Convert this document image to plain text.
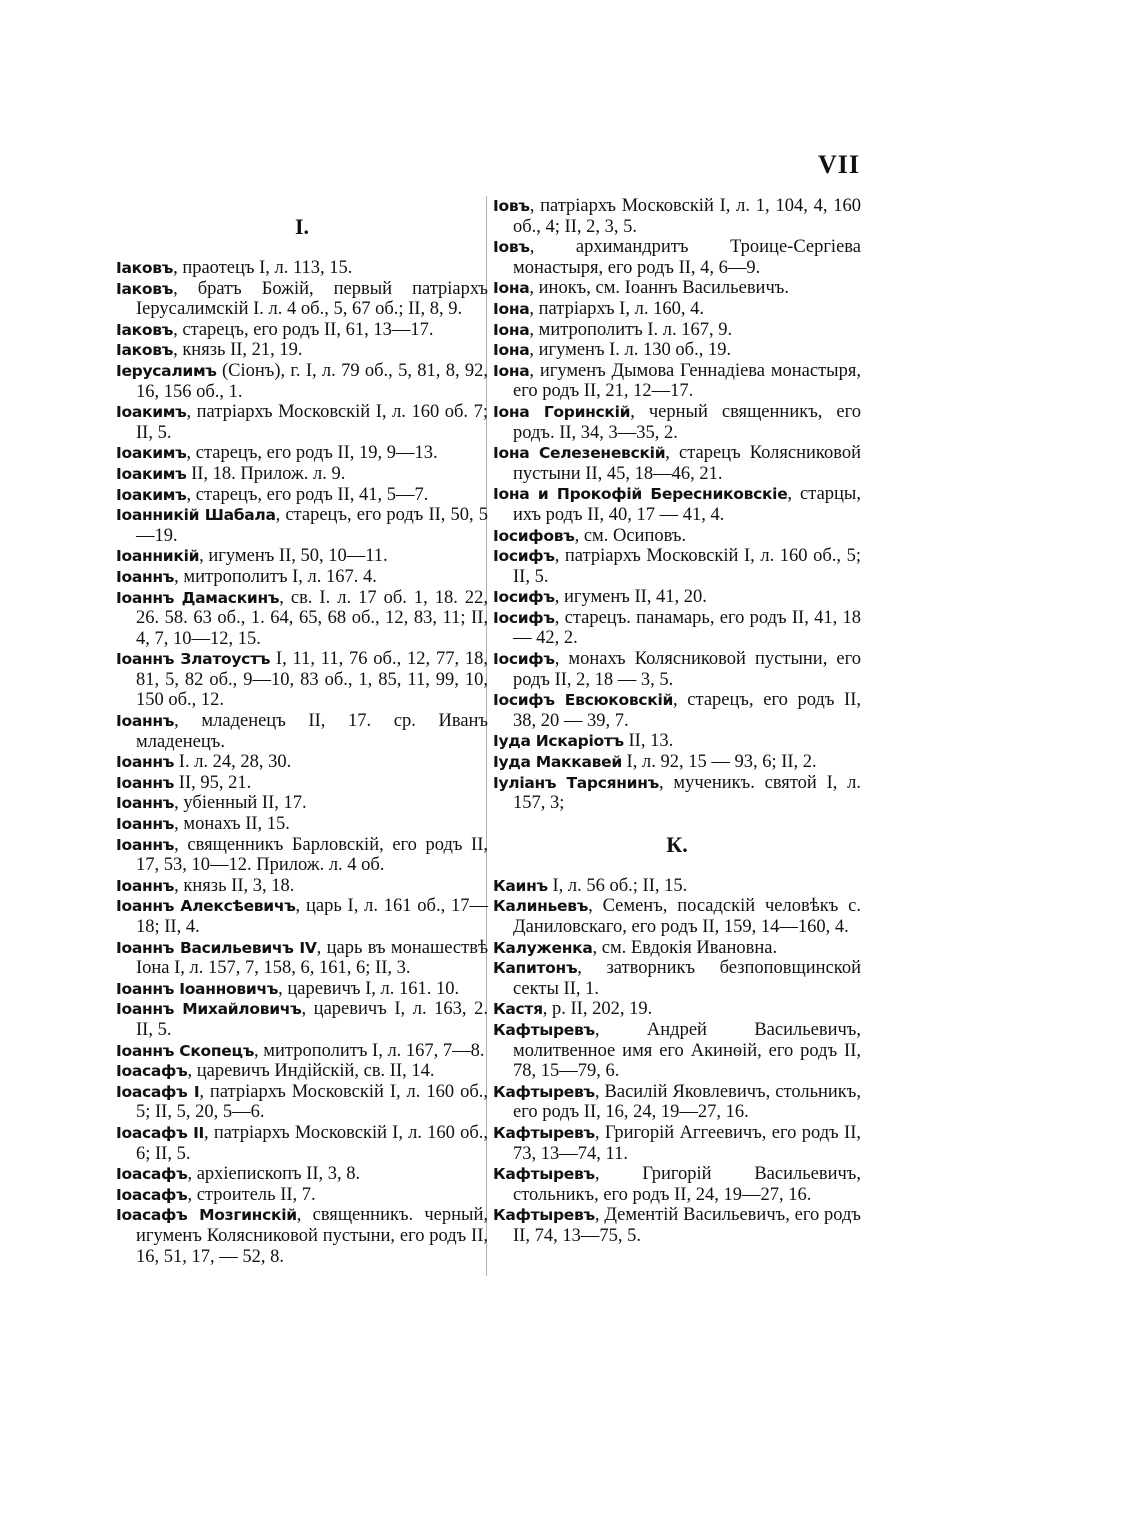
VII
I.
Іаковъ, праотецъ I, л. 113, 15.
Іаковъ, братъ Божій, первый патріархъ Іерусалимскій I. л. 4 об., 5, 67 об.; II, 8, 9.
Іаковъ, старецъ, его родъ II, 61, 13—17.
Іаковъ, князь II, 21, 19.
Іерусалимъ (Сіонъ), г. I, л. 79 об., 5, 81, 8, 92, 16, 156 об., 1.
Іоакимъ, патріархъ Московскій I, л. 160 об. 7; II, 5.
Іоакимъ, старецъ, его родъ II, 19, 9—13.
Іоакимъ II, 18. Прилож. л. 9.
Іоакимъ, старецъ, его родъ II, 41, 5—7.
Іоанникій Шабала, старецъ, его родъ II, 50, 5—19.
Іоанникій, игуменъ II, 50, 10—11.
Іоаннъ, митрополитъ I, л. 167. 4.
Іоаннъ Дамаскинъ, св. I. л. 17 об. 1, 18. 22, 26. 58. 63 об., 1. 64, 65, 68 об., 12, 83, 11; II, 4, 7, 10—12, 15.
Іоаннъ Златоустъ I, 11, 11, 76 об., 12, 77, 18, 81, 5, 82 об., 9—10, 83 об., 1, 85, 11, 99, 10, 150 об., 12.
Іоаннъ, младенецъ II, 17. ср. Иванъ младенецъ.
Іоаннъ I. л. 24, 28, 30.
Іоаннъ II, 95, 21.
Іоаннъ, убіенный II, 17.
Іоаннъ, монахъ II, 15.
Іоаннъ, священникъ Барловскій, его родъ II, 17, 53, 10—12. Прилож. л. 4 об.
Іоаннъ, князь II, 3, 18.
Іоаннъ Алексѣевичъ, царь I, л. 161 об., 17—18; II, 4.
Іоаннъ Васильевичъ IV, царь въ монашествѣ Іона I, л. 157, 7, 158, 6, 161, 6; II, 3.
Іоаннъ Іоанновичъ, царевичъ I, л. 161. 10.
Іоаннъ Михайловичъ, царевичъ I, л. 163, 2. II, 5.
Іоаннъ Скопецъ, митрополитъ I, л. 167, 7—8.
Іоасафъ, царевичъ Индійскій, св. II, 14.
Іоасафъ I, патріархъ Московскій I, л. 160 об., 5; II, 5, 20, 5—6.
Іоасафъ II, патріархъ Московскій I, л. 160 об., 6; II, 5.
Іоасафъ, архіепископъ II, 3, 8.
Іоасафъ, строитель II, 7.
Іоасафъ Мозгинскій, священникъ. черный, игуменъ Колясниковой пустыни, его родъ II, 16, 51, 17, — 52, 8.
Іовъ, патріархъ Московскій I, л. 1, 104, 4, 160 об., 4; II, 2, 3, 5.
Іовъ, архимандритъ Троице-Сергіева монастыря, его родъ II, 4, 6—9.
Іона, инокъ, см. Іоаннъ Васильевичъ.
Іона, патріархъ I, л. 160, 4.
Іона, митрополитъ I. л. 167, 9.
Іона, игуменъ I. л. 130 об., 19.
Іона, игуменъ Дымова Геннадіева монастыря, его родъ II, 21, 12—17.
Іона Горинскій, черный священникъ, его родъ. II, 34, 3—35, 2.
Іона Селезеневскій, старецъ Колясниковой пустыни II, 45, 18—46, 21.
Іона и Прокофій Бересниковскіе, старцы, ихъ родъ II, 40, 17 — 41, 4.
Іосифовъ, см. Осиповъ.
Іосифъ, патріархъ Московскій I, л. 160 об., 5; II, 5.
Іосифъ, игуменъ II, 41, 20.
Іосифъ, старецъ. панамарь, его родъ II, 41, 18 — 42, 2.
Іосифъ, монахъ Колясниковой пустыни, его родъ II, 2, 18 — 3, 5.
Іосифъ Евсюковскій, старецъ, его родъ II, 38, 20 — 39, 7.
Іуда Искаріотъ II, 13.
Іуда Маккавей I, л. 92, 15 — 93, 6; II, 2.
Іуліанъ Тарсянинъ, мученикъ. святой I, л. 157, 3;
К.
Каинъ I, л. 56 об.; II, 15.
Калиньевъ, Семенъ, посадскій человѣкъ с. Даниловскаго, его родъ II, 159, 14—160, 4.
Калуженка, см. Евдокія Ивановна.
Капитонъ, затворникъ безпоповщинской секты II, 1.
Кастя, р. II, 202, 19.
Кафтыревъ, Андрей Васильевичъ, молитвенное имя его Акинѳій, его родъ II, 78, 15—79, 6.
Кафтыревъ, Василій Яковлевичъ, стольникъ, его родъ II, 16, 24, 19—27, 16.
Кафтыревъ, Григорій Аггеевичъ, его родъ II, 73, 13—74, 11.
Кафтыревъ, Григорій Васильевичъ, стольникъ, его родъ II, 24, 19—27, 16.
Кафтыревъ, Дементій Васильевичъ, его родъ II, 74, 13—75, 5.
